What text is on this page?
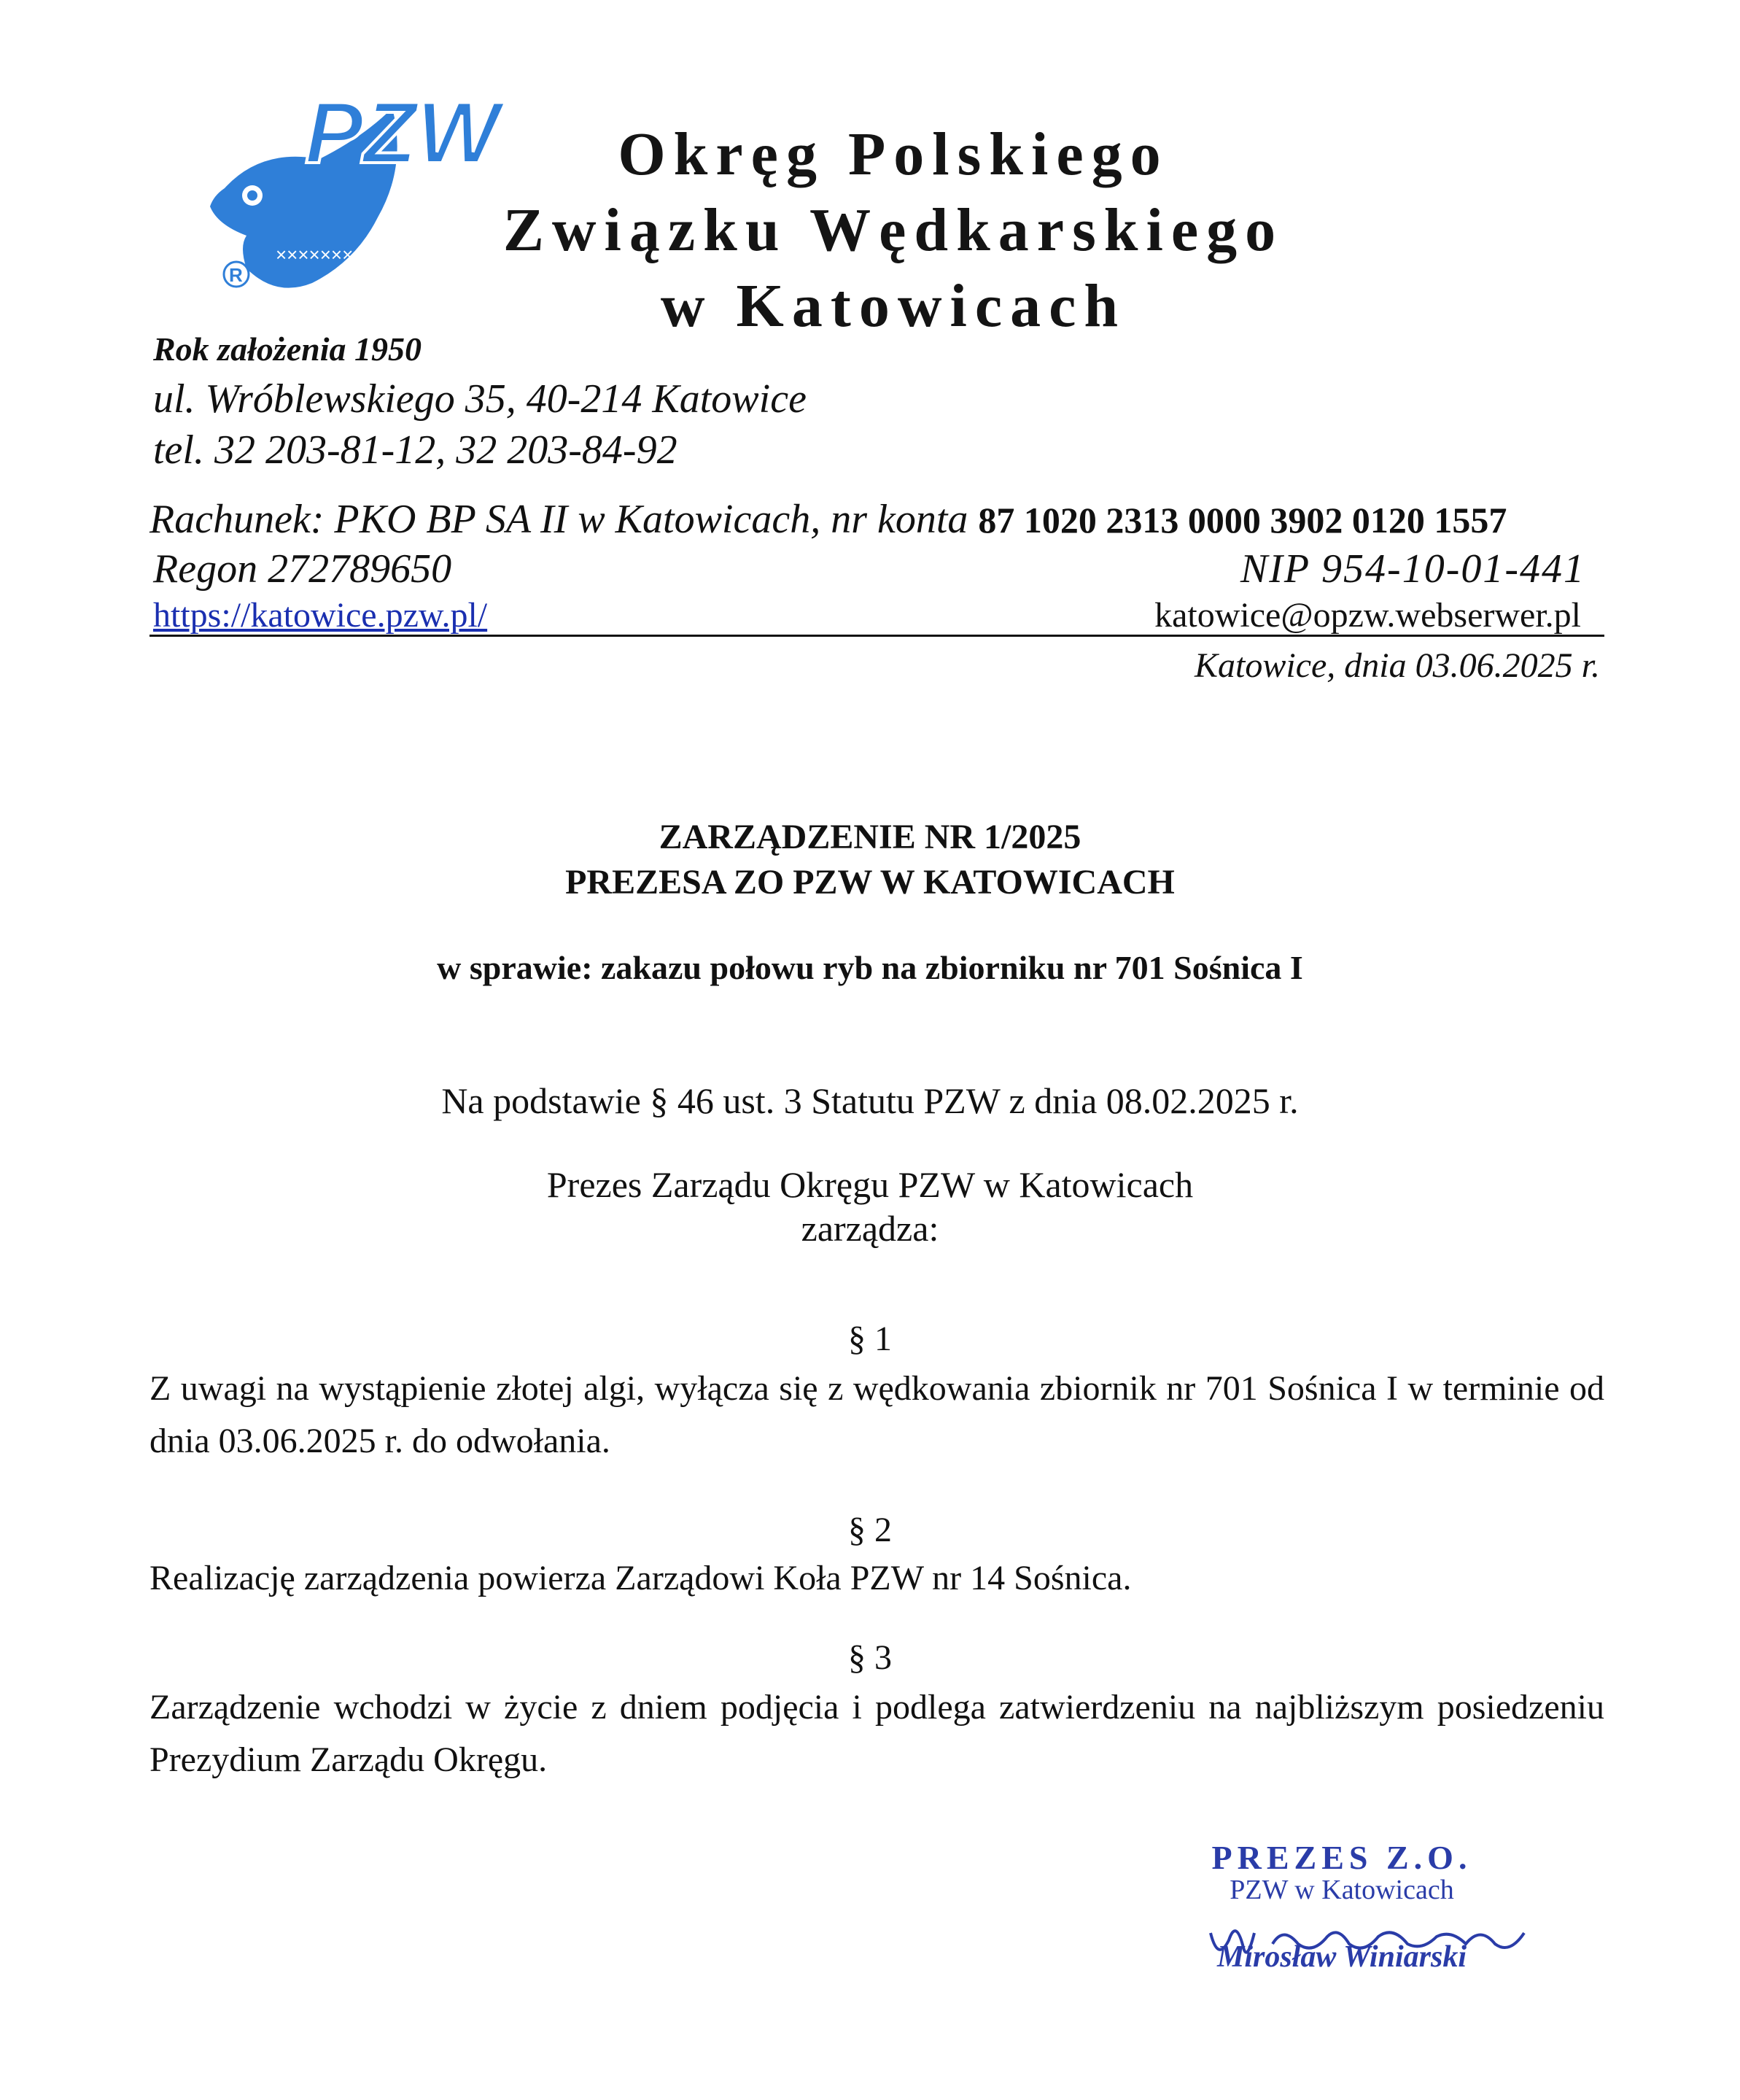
PZW
×××××××
R
Okręg Polskiego
Związku Wędkarskiego
w Katowicach
Rok założenia 1950
ul. Wróblewskiego 35, 40-214 Katowice
tel. 32 203-81-12, 32 203-84-92
Rachunek: PKO BP SA II w Katowicach, nr konta 87 1020 2313 0000 3902 0120 1557
Regon 272789650	NIP 954-10-01-441
https://katowice.pzw.pl/	katowice@opzw.webserwer.pl
Katowice, dnia 03.06.2025 r.
ZARZĄDZENIE NR 1/2025
PREZESA ZO PZW W KATOWICACH
w sprawie: zakazu połowu ryb na zbiorniku nr 701 Sośnica I
Na podstawie § 46 ust. 3 Statutu PZW z dnia 08.02.2025 r.
Prezes Zarządu Okręgu PZW w Katowicach
zarządza:
§ 1
Z uwagi na wystąpienie złotej algi, wyłącza się z wędkowania zbiornik nr 701 Sośnica I w terminie od dnia 03.06.2025 r. do odwołania.
§ 2
Realizację zarządzenia powierza Zarządowi Koła PZW nr 14 Sośnica.
§ 3
Zarządzenie wchodzi w życie z dniem podjęcia i podlega zatwierdzeniu na najbliższym posiedzeniu Prezydium Zarządu Okręgu.
PREZES Z.O.
PZW w Katowicach
Mirosław Winiarski
